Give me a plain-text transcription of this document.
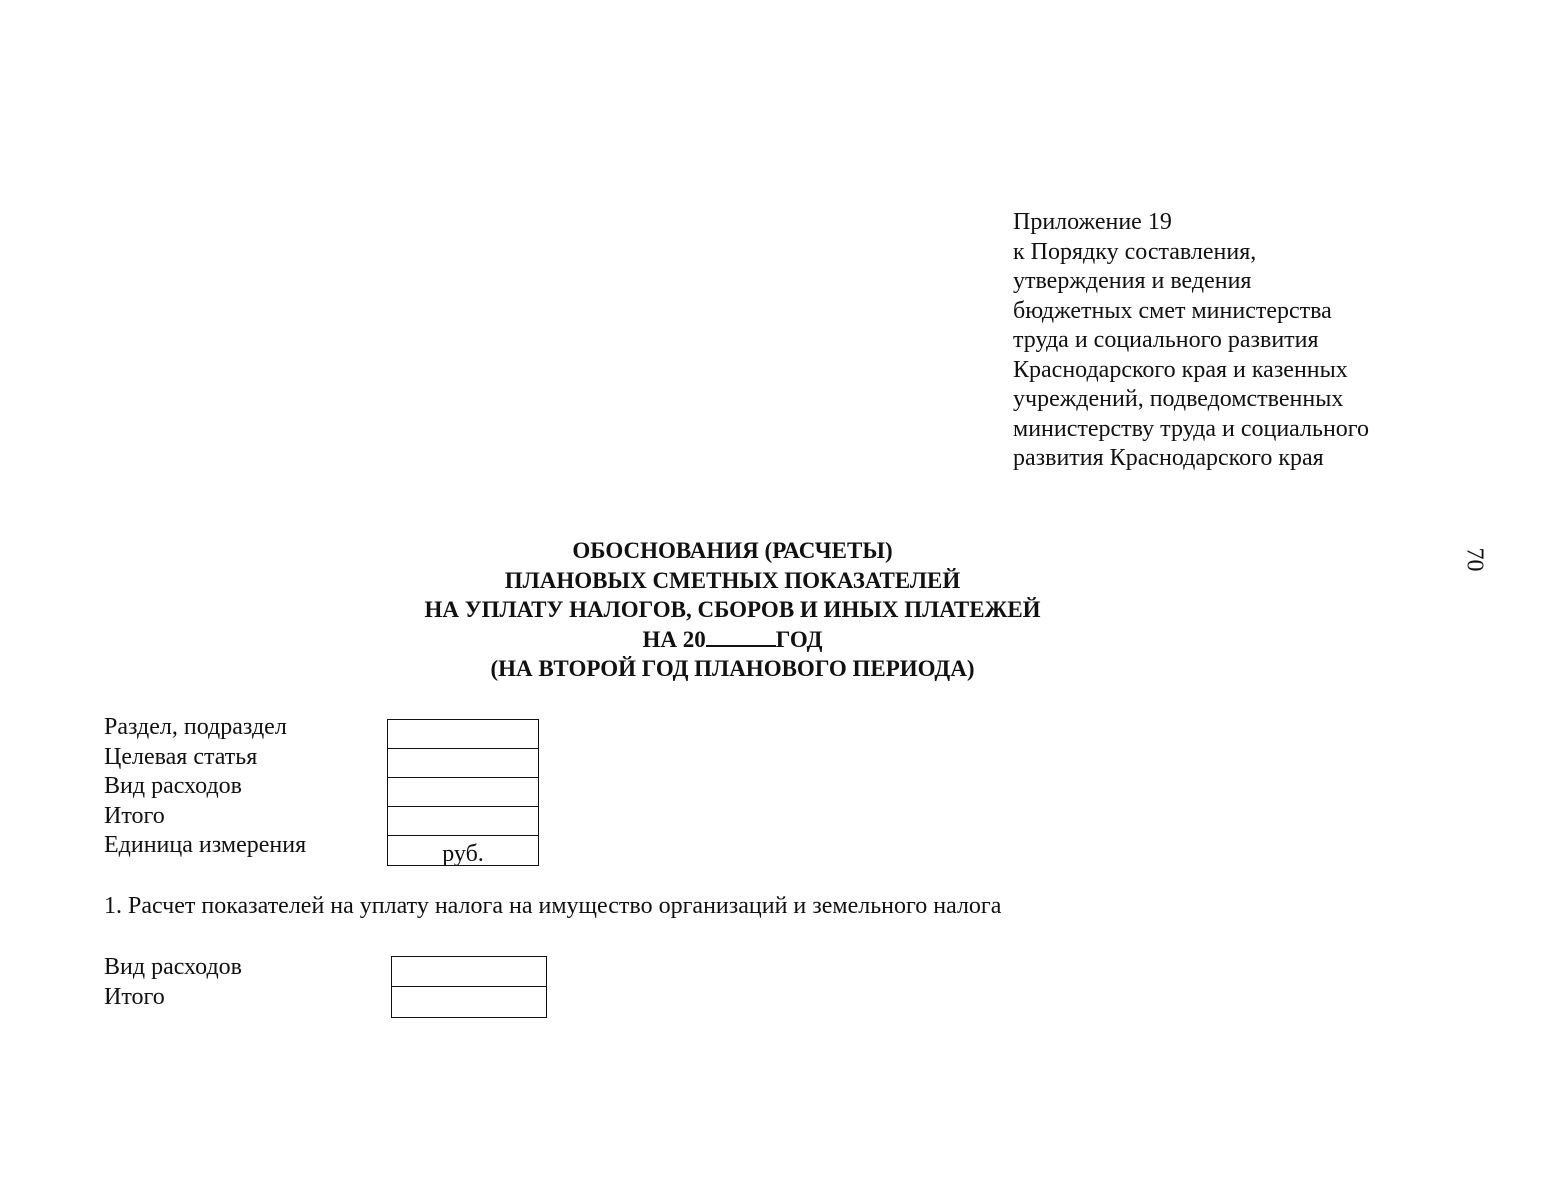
Приложение 19
к Порядку составления,
утверждения и ведения
бюджетных смет министерства
труда и социального развития
Краснодарского края и казенных
учреждений, подведомственных
министерству труда и социального
развития Краснодарского края
70
ОБОСНОВАНИЯ (РАСЧЕТЫ)
ПЛАНОВЫХ СМЕТНЫХ ПОКАЗАТЕЛЕЙ
НА УПЛАТУ НАЛОГОВ, СБОРОВ И ИНЫХ ПЛАТЕЖЕЙ
НА 20	ГОД
(НА ВТОРОЙ ГОД ПЛАНОВОГО ПЕРИОДА)
Раздел, подраздел
Целевая статья
Вид расходов
Итого
Единица измерения	руб.
1. Расчет показателей на уплату налога на имущество организаций и земельного налога
Вид расходов
Итого
